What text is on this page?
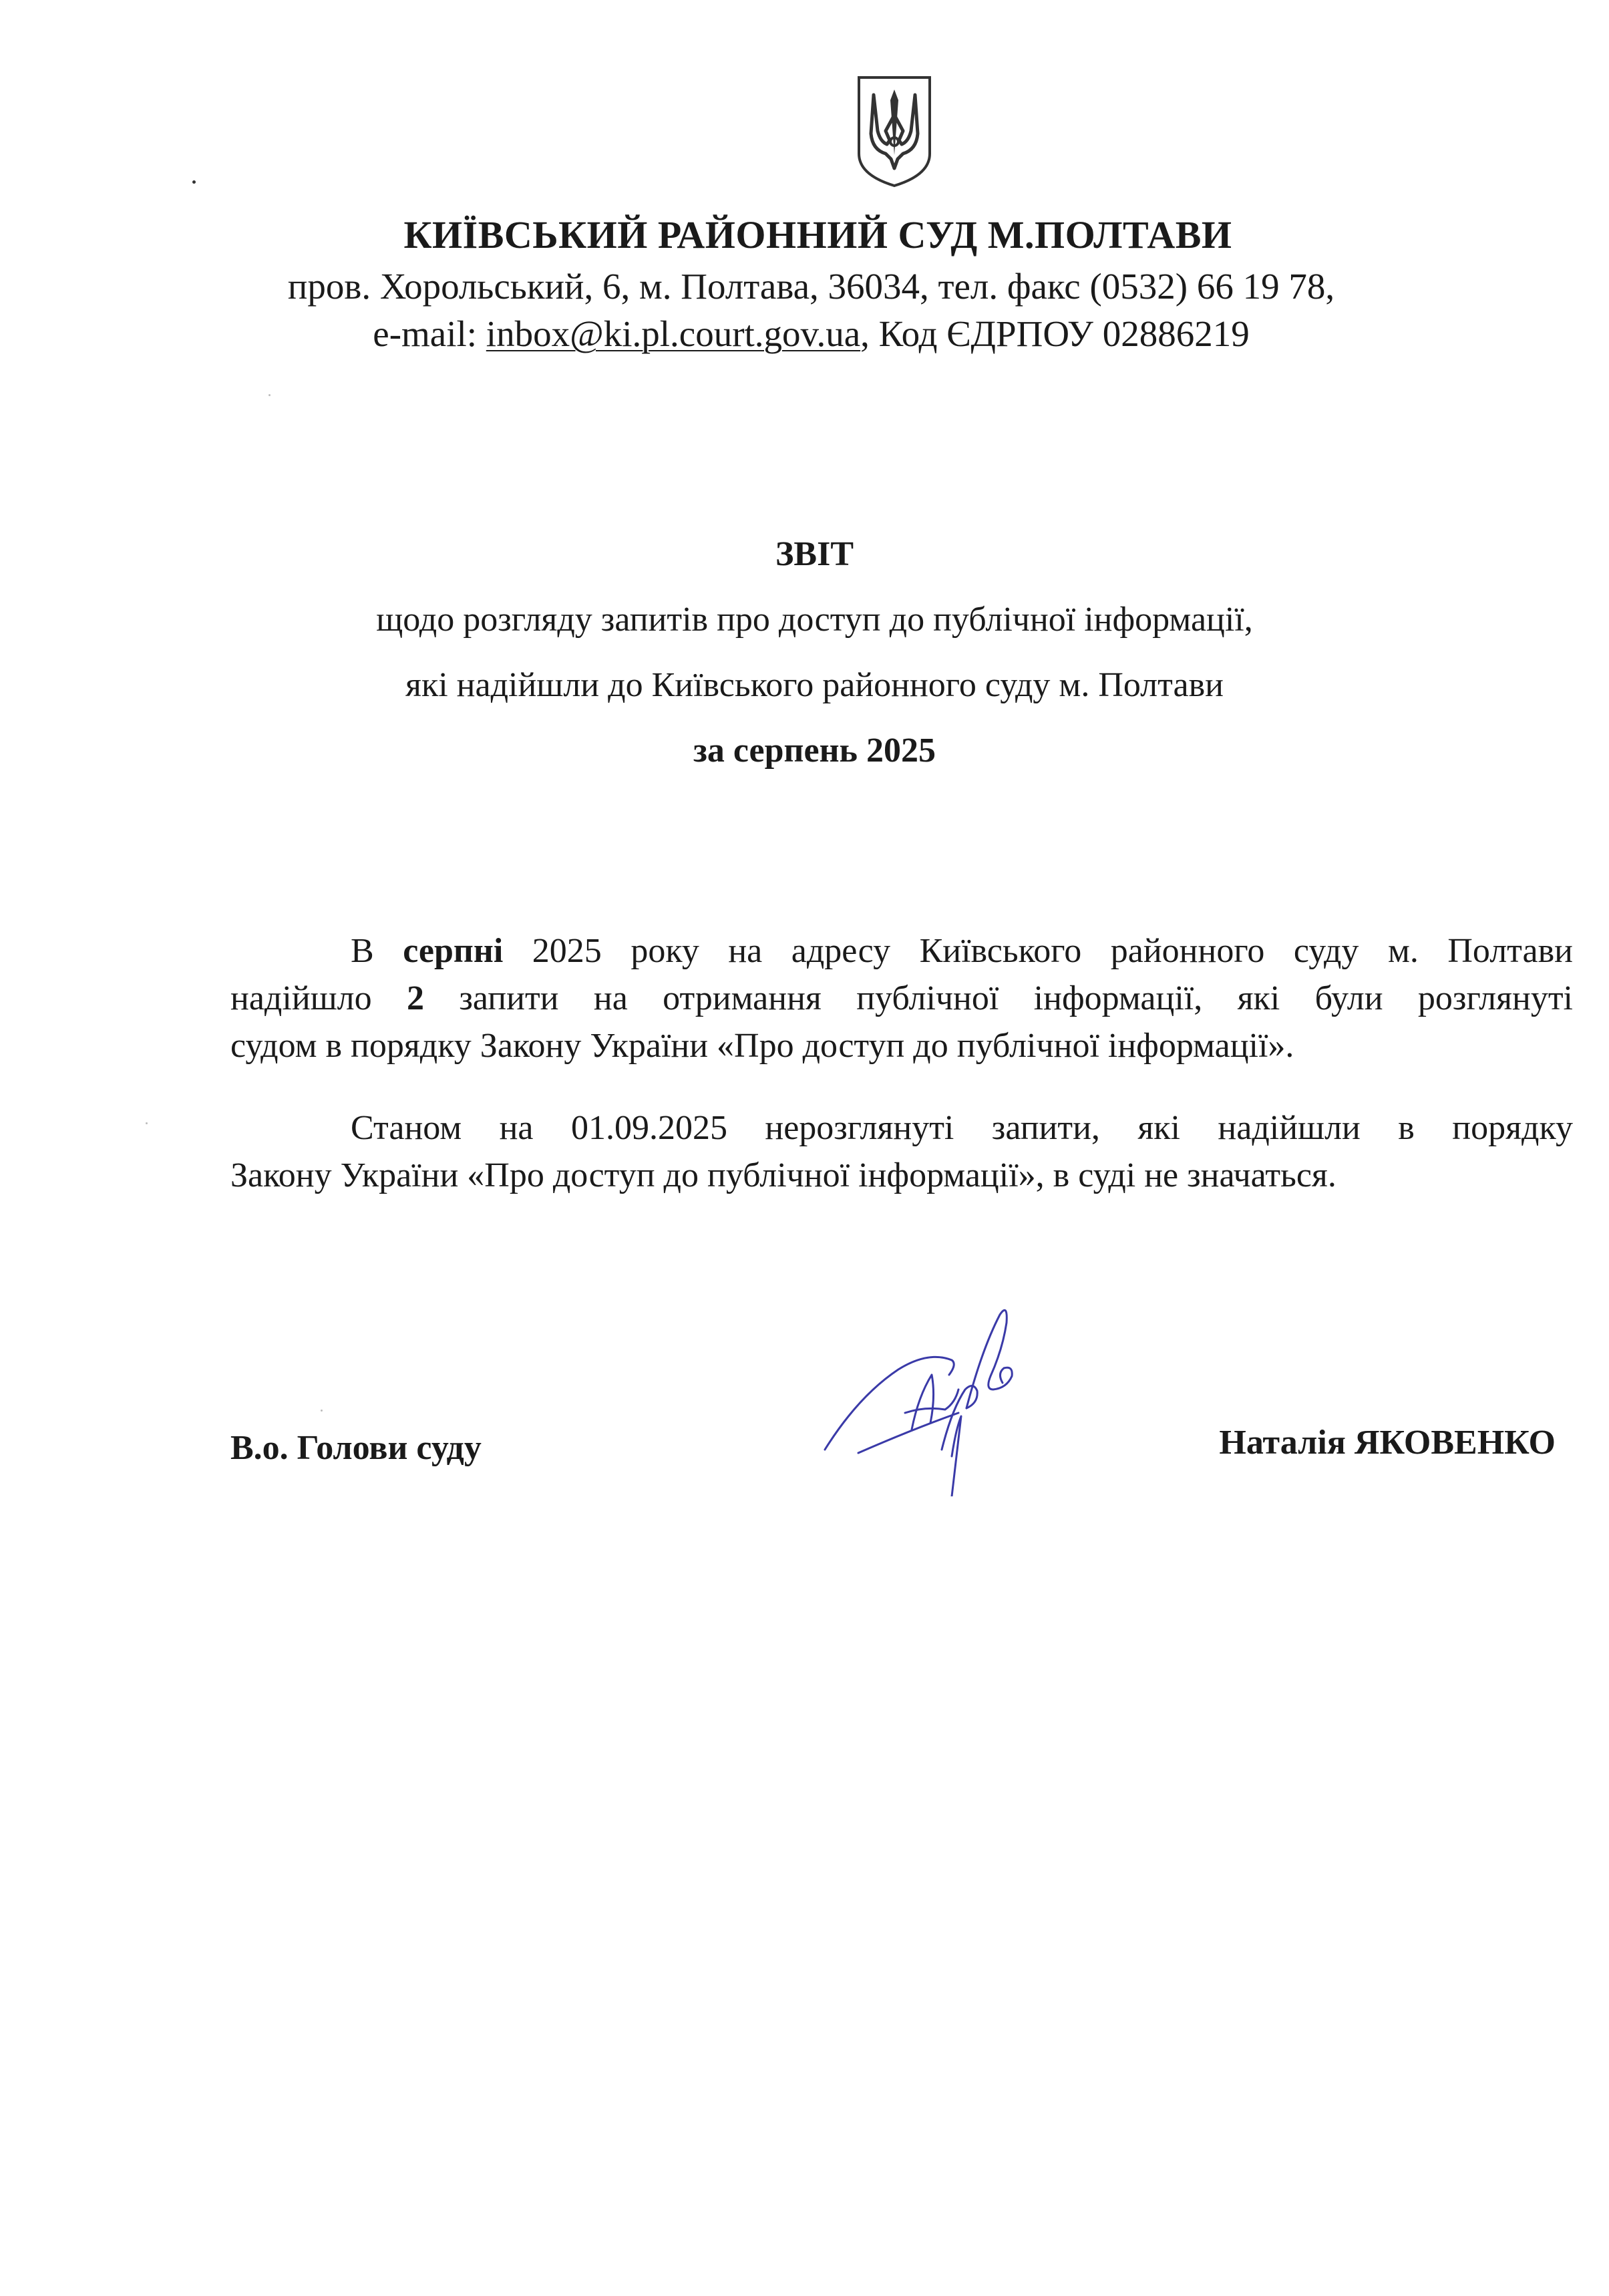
КИЇВСЬКИЙ РАЙОННИЙ СУД М.ПОЛТАВИ
пров. Хорольський, 6, м. Полтава, 36034, тел. факс (0532) 66 19 78,
e-mail: inbox@ki.pl.court.gov.ua, Код ЄДРПОУ 02886219
ЗВІТ
щодо розгляду запитів про доступ до публічної інформації,
які надійшли до Київського районного суду м. Полтави
за серпень 2025
В серпні 2025 року на адресу Київського районного суду м. Полтави
надійшло 2 запити на отримання публічної інформації, які були розглянуті
судом в порядку Закону України «Про доступ до публічної інформації».
Станом на 01.09.2025 нерозглянуті запити, які надійшли в порядку
Закону України «Про доступ до публічної інформації», в суді не значаться.
В.о. Голови суду	Наталія ЯКОВЕНКО
